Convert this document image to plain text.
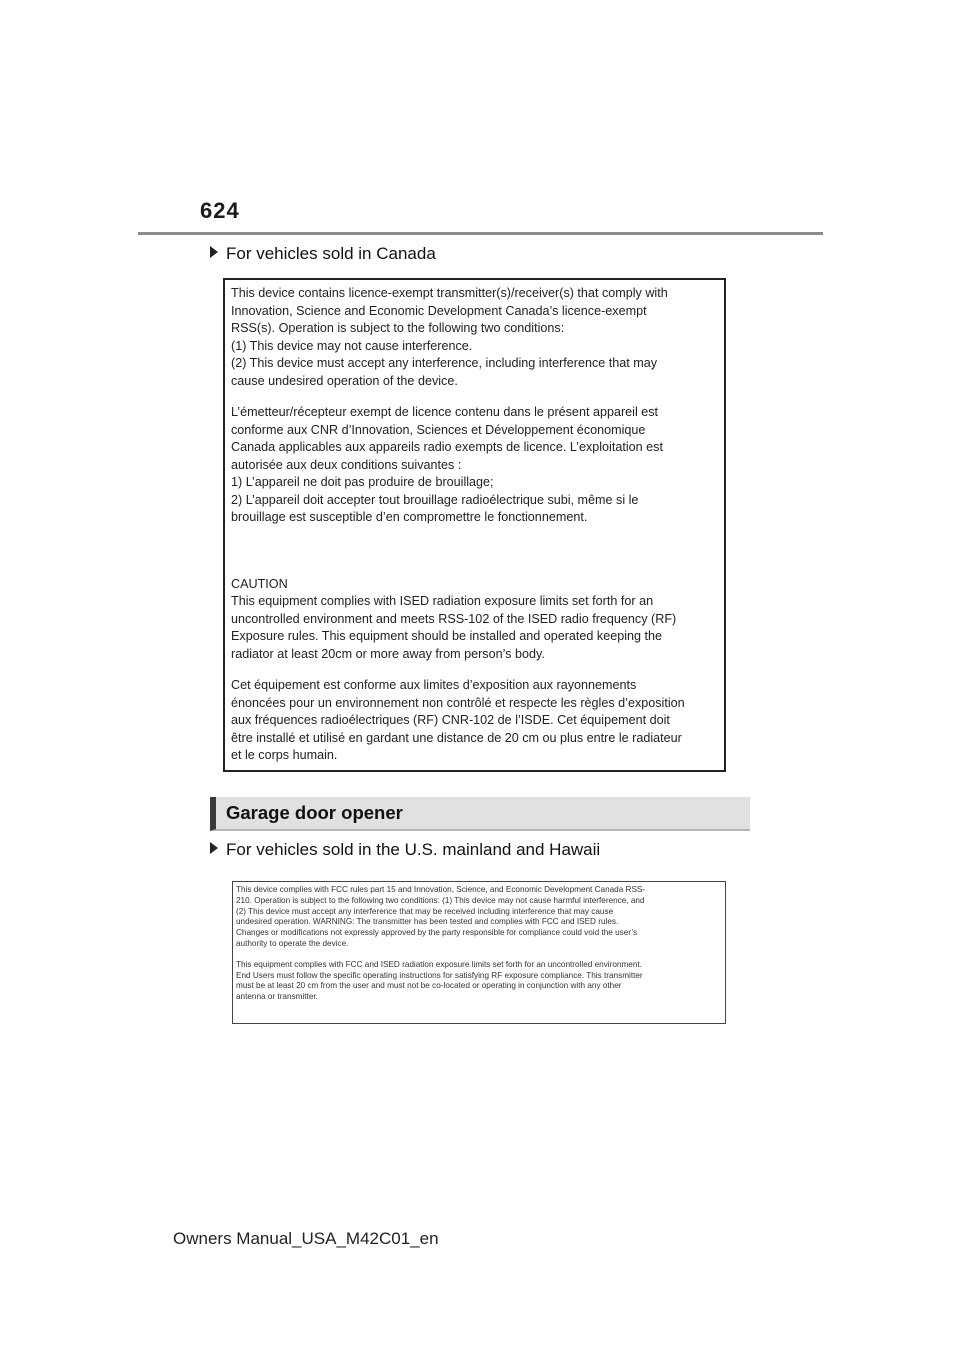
624
For vehicles sold in Canada

This device contains licence-exempt transmitter(s)/receiver(s) that comply with
Innovation, Science and Economic Development Canada’s licence-exempt
RSS(s). Operation is subject to the following two conditions:
(1) This device may not cause interference.
(2) This device must accept any interference, including interference that may
cause undesired operation of the device.

L’émetteur/récepteur exempt de licence contenu dans le présent appareil est
conforme aux CNR d’Innovation, Sciences et Développement économique
Canada applicables aux appareils radio exempts de licence. L’exploitation est
autorisée aux deux conditions suivantes :
1) L’appareil ne doit pas produire de brouillage;
2) L’appareil doit accepter tout brouillage radioélectrique subi, même si le
brouillage est susceptible d’en compromettre le fonctionnement.

CAUTION
This equipment complies with ISED radiation exposure limits set forth for an
uncontrolled environment and meets RSS-102 of the ISED radio frequency (RF)
Exposure rules. This equipment should be installed and operated keeping the
radiator at least 20cm or more away from person’s body.

Cet équipement est conforme aux limites d’exposition aux rayonnements
énoncées pour un environnement non contrôlé et respecte les règles d’exposition
aux fréquences radioélectriques (RF) CNR-102 de l’ISDE. Cet équipement doit
être installé et utilisé en gardant une distance de 20 cm ou plus entre le radiateur
et le corps humain.

Garage door opener
For vehicles sold in the U.S. mainland and Hawaii

This device complies with FCC rules part 15 and Innovation, Science, and Economic Development Canada RSS-
210. Operation is subject to the following two conditions: (1) This device may not cause harmful interference, and
(2) This device must accept any interference that may be received including interference that may cause
undesired operation. WARNING: The transmitter has been tested and complies with FCC and ISED rules.
Changes or modifications not expressly approved by the party responsible for compliance could void the user’s
authority to operate the device.

This equipment complies with FCC and ISED radiation exposure limits set forth for an uncontrolled environment.
End Users must follow the specific operating instructions for satisfying RF exposure compliance. This transmitter
must be at least 20 cm from the user and must not be co-located or operating in conjunction with any other
antenna or transmitter.

Owners Manual_USA_M42C01_en
